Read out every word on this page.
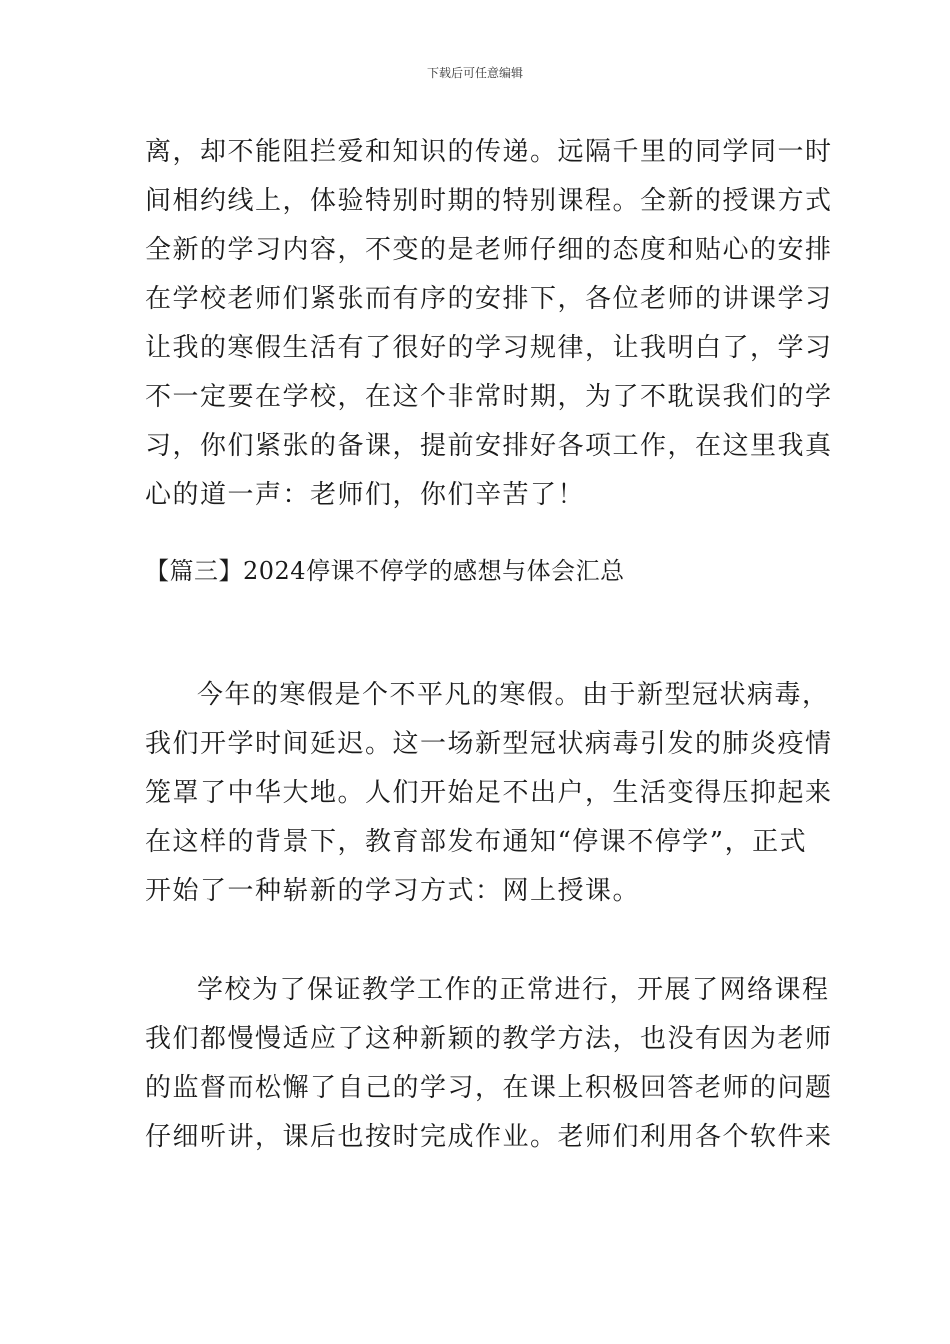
下载后可任意编辑
离，却不能阻拦爱和知识的传递。远隔千里的同学同一时
间相约线上，体验特别时期的特别课程。全新的授课方式
全新的学习内容，不变的是老师仔细的态度和贴心的安排
在学校老师们紧张而有序的安排下，各位老师的讲课学习
让我的寒假生活有了很好的学习规律，让我明白了，学习
不一定要在学校，在这个非常时期，为了不耽误我们的学
习，你们紧张的备课，提前安排好各项工作，在这里我真
心的道一声：老师们，你们辛苦了！
【篇三】2024停课不停学的感想与体会汇总
今年的寒假是个不平凡的寒假。由于新型冠状病毒，
我们开学时间延迟。这一场新型冠状病毒引发的肺炎疫情
笼罩了中华大地。人们开始足不出户，生活变得压抑起来
在这样的背景下，教育部发布通知“停课不停学”，正式
开始了一种崭新的学习方式：网上授课。
学校为了保证教学工作的正常进行，开展了网络课程
我们都慢慢适应了这种新颖的教学方法，也没有因为老师
的监督而松懈了自己的学习，在课上积极回答老师的问题
仔细听讲，课后也按时完成作业。老师们利用各个软件来
